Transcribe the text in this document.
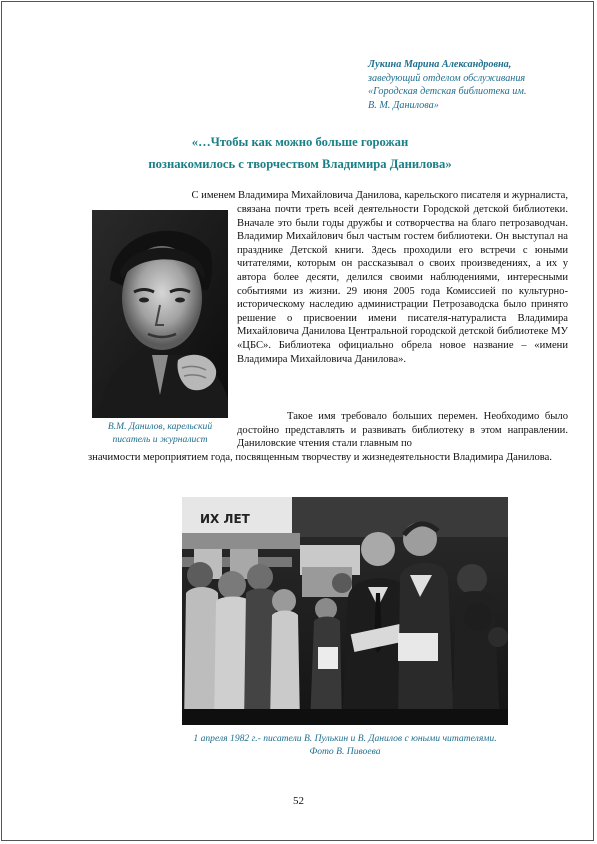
Лукина Марина Александровна,
заведующий отделом обслуживания
«Городская детская библиотека им.
В. М. Данилова»
«…Чтобы как можно больше горожан
познакомилось с творчеством Владимира Данилова»
С именем Владимира Михайловича Данилова, карельского писателя и журналиста,
связана почти треть всей деятельности Городской детской библиотеки. Вначале это были годы дружбы и сотворчества на благо петрозаводчан. Владимир Михайлович был частым гостем библиотеки. Он выступал на празднике Детской книги. Здесь проходили его встречи с юными читателями, которым он рассказывал о своих произведениях, а их у автора более десяти, делился своими наблюдениями, интересными событиями из жизни. 29 июня 2005 года Комиссией по культурно-историческому наследию администрации Петрозаводска было принято решение о присвоении имени писателя-натуралиста Владимира Михайловича Данилова Центральной городской детской библиотеке МУ «ЦБС». Библиотека официально обрела новое название – «имени Владимира Михайловича Данилова».
Такое имя требовало больших перемен. Необходимо было достойно представлять и развивать библиотеку в этом направлении. Даниловские чтения стали главным по
значимости мероприятием года, посвященным творчеству и жизнедеятельности Владимира Данилова.
В.М. Данилов, карельский писатель и журналист
ИХ ЛЕТ
1 апреля 1982 г.- писатели В. Пулькин и В. Данилов с юными читателями.
Фото В. Пивоева
52
